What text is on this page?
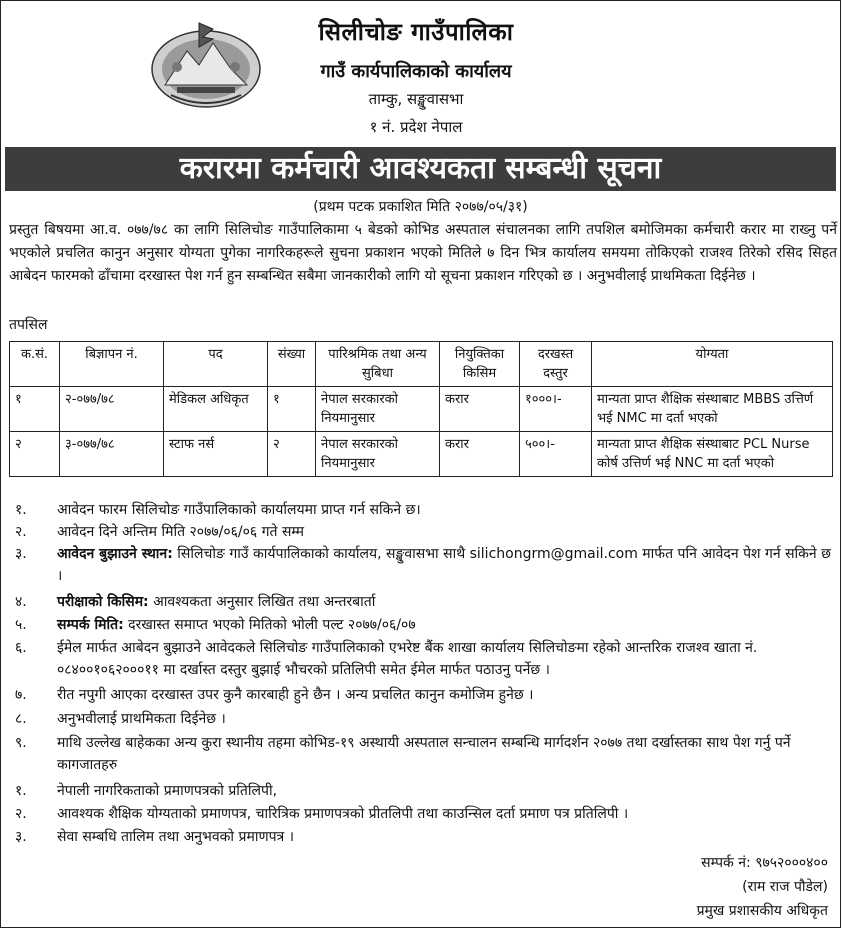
सिलीचोङ गाउँपालिका
गाउँ कार्यपालिकाको कार्यालय
ताम्कु, सङ्खुवासभा
१ नं. प्रदेश नेपाल
करारमा कर्मचारी आवश्यकता सम्बन्धी सूचना
(प्रथम पटक प्रकाशित मिति २०७७/०५/३१)
प्रस्तुत बिषयमा आ.व. ०७७/७८ का लागि सिलिचोङ गाउँपालिकामा ५ बेडको कोभिड अस्पताल संचालनका लागि तपशिल बमोजिमका कर्मचारी करार मा राख्नु पर्ने भएकोले प्रचलित कानुन अनुसार योग्यता पुगेका नागरिकहरूले सुचना प्रकाशन भएको मितिले ७ दिन भित्र कार्यालय समयमा तोकिएको राजश्व तिरेको रसिद सिहत आबेदन फारमको ढाँचामा दरखास्त पेश गर्न हुन सम्बन्धित सबैमा जानकारीको लागि यो सूचना प्रकाशन गरिएको छ । अनुभवीलाई प्राथमिकता दिईनेछ ।
तपसिल
क.सं.	बिज्ञापन नं.	पद	संख्या	पारिश्रमिक तथा अन्य सुबिधा	नियुक्तिका किसिम	दरखस्त दस्तुर	योग्यता
१	२-०७७/७८	मेडिकल अधिकृत	१	नेपाल सरकारको नियमानुसार	करार	१०००।-	मान्यता प्राप्त शैक्षिक संस्थाबाट MBBS उत्तिर्ण भई NMC मा दर्ता भएको
२	३-०७७/७८	स्टाफ नर्स	२	नेपाल सरकारको नियमानुसार	करार	५००।-	मान्यता प्राप्त शैक्षिक संस्थाबाट PCL Nurse कोर्ष उत्तिर्ण भई NNC मा दर्ता भएको
१. आवेदन फारम सिलिचोङ गाउँपालिकाको कार्यालयमा प्राप्त गर्न सकिने छ।
२. आवेदन दिने अन्तिम मिति २०७७/०६/०६ गते सम्म
३. आवेदन बुझाउने स्थान: सिलिचोङ गाउँ कार्यपालिकाको कार्यालय, सङ्खुवासभा साथै silichongrm@gmail.com मार्फत पनि आवेदन पेश गर्न सकिने छ ।
४. परीक्षाको किसिम: आवश्यकता अनुसार लिखित तथा अन्तरबार्ता
५. सम्पर्क मिति: दरखास्त समाप्त भएको मितिको भोली पल्ट २०७७/०६/०७
६. ईमेल मार्फत आबेदन बुझाउने आवेदकले सिलिचोङ गाउँपालिकाको एभरेष्ट बैंक शाखा कार्यालय सिलिचोङमा रहेको आन्तरिक राजश्व खाता नं. ०८४००१०६२०००११ मा दर्खास्त दस्तुर बुझाई भौचरको प्रतिलिपी समेत ईमेल मार्फत पठाउनु पर्नेछ ।
७. रीत नपुगी आएका दरखास्त उपर कुनै कारबाही हुने छैन । अन्य प्रचलित कानुन कमोजिम हुनेछ ।
८. अनुभवीलाई प्राथमिकता दिईनेछ ।
९. माथि उल्लेख बाहेकका अन्य कुरा स्थानीय तहमा कोभिड-१९ अस्थायी अस्पताल सन्चालन सम्बन्धि मार्गदर्शन २०७७ तथा दर्खास्तका साथ पेश गर्नु पर्ने कागजातहरु
१. नेपाली नागरिकताको प्रमाणपत्रको प्रतिलिपी,
२. आवश्यक शैक्षिक योग्यताको प्रमाणपत्र, चारित्रिक प्रमाणपत्रको प्रीतलिपी तथा काउन्सिल दर्ता प्रमाण पत्र प्रतिलिपी ।
३. सेवा सम्बधि तालिम तथा अनुभवको प्रमाणपत्र ।
सम्पर्क नं: ९७५२०००४००
(राम राज पौडेल)
प्रमुख प्रशासकीय अधिकृत
